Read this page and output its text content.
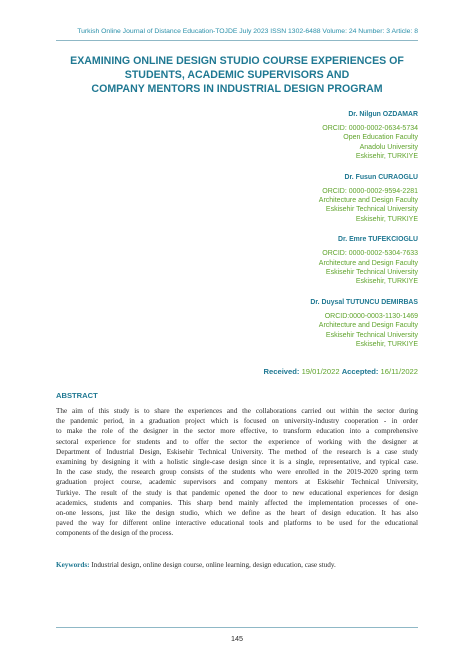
Turkish Online Journal of Distance Education-TOJDE July 2023 ISSN 1302-6488 Volume: 24 Number: 3 Article: 8
EXAMINING ONLINE DESIGN STUDIO COURSE EXPERIENCES OF
STUDENTS, ACADEMIC SUPERVISORS AND
COMPANY MENTORS IN INDUSTRIAL DESIGN PROGRAM
Dr. Nilgun OZDAMAR
ORCID: 0000-0002-0634-5734
Open Education Faculty
Anadolu University
Eskisehir, TURKIYE
Dr. Fusun CURAOGLU
ORCID: 0000-0002-9594-2281
Architecture and Design Faculty
Eskisehir Technical University
Eskisehir, TURKIYE
Dr. Emre TUFEKCIOGLU
ORCID: 0000-0002-5304-7633
Architecture and Design Faculty
Eskisehir Technical University
Eskisehir, TURKIYE
Dr. Duysal TUTUNCU DEMIRBAS
ORCID:0000-0003-1130-1469
Architecture and Design Faculty
Eskisehir Technical University
Eskisehir, TURKIYE
Received: 19/01/2022 Accepted: 16/11/2022
ABSTRACT
The aim of this study is to share the experiences and the collaborations carried out within the sector during
the pandemic period, in a graduation project which is focused on university-industry cooperation - in order
to make the role of the designer in the sector more effective, to transform education into a comprehensive
sectoral experience for students and to offer the sector the experience of working with the designer at
Department of Industrial Design, Eskisehir Technical University. The method of the research is a case study
examining by designing it with a holistic single-case design since it is a single, representative, and typical case.
In the case study, the research group consists of the students who were enrolled in the 2019-2020 spring term
graduation project course, academic supervisors and company mentors at Eskisehir Technical University,
Turkiye. The result of the study is that pandemic opened the door to new educational experiences for design
academics, students and companies. This sharp bend mainly affected the implementation processes of one-
on-one lessons, just like the design studio, which we define as the heart of design education. It has also
paved the way for different online interactive educational tools and platforms to be used for the educational
components of the design of the process.
Keywords: Industrial design, online design course, online learning, design education, case study.
145
